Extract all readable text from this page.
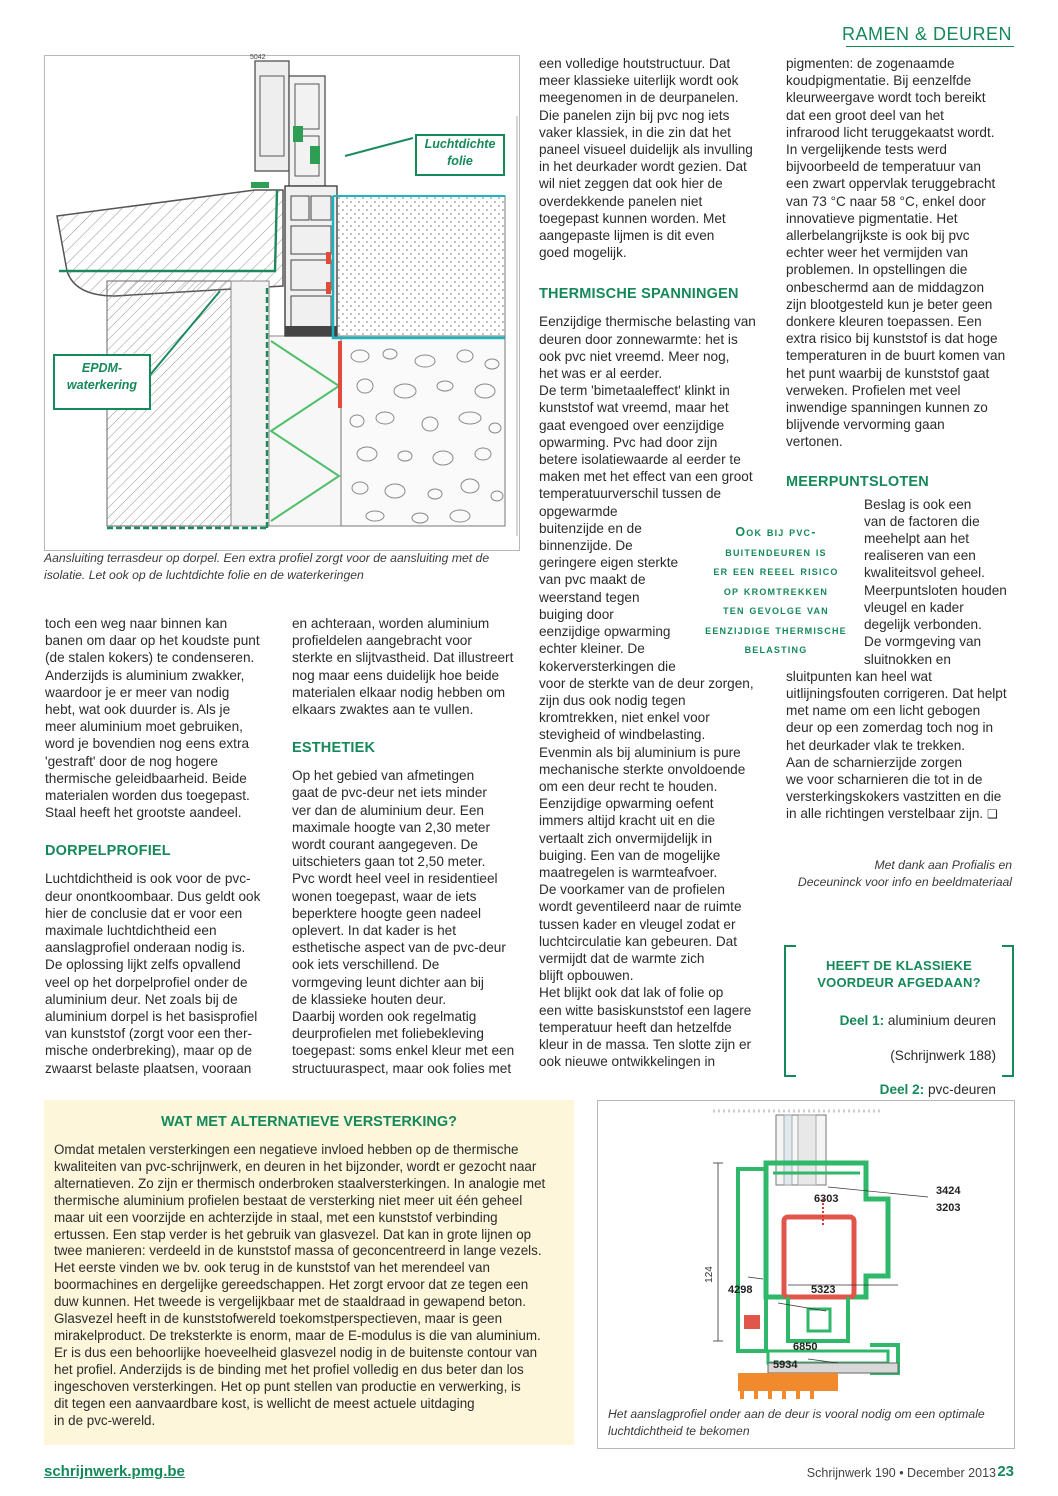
RAMEN & DEUREN
5042
Luchtdichte
folie
EPDM-
waterkering
Aansluiting terrasdeur op dorpel. Een extra profiel zorgt voor de aansluiting met de
isolatie. Let ook op de luchtdichte folie en de waterkeringen

toch een weg naar binnen kan
banen om daar op het koudste punt
(de stalen kokers) te condenseren.
Anderzijds is aluminium zwakker,
waardoor je er meer van nodig
hebt, wat ook duurder is. Als je
meer aluminium moet gebruiken,
word je bovendien nog eens extra
'gestraft' door de nog hogere
thermische geleidbaarheid. Beide
materialen worden dus toegepast.
Staal heeft het grootste aandeel.

DORPELPROFIEL

Luchtdichtheid is ook voor de pvc-
deur onontkoombaar. Dus geldt ook
hier de conclusie dat er voor een
maximale luchtdichtheid een
aanslagprofiel onderaan nodig is.
De oplossing lijkt zelfs opvallend
veel op het dorpelprofiel onder de
aluminium deur. Net zoals bij de
aluminium dorpel is het basisprofiel
van kunststof (zorgt voor een ther-
mische onderbreking), maar op de
zwaarst belaste plaatsen, vooraan

en achteraan, worden aluminium
profieldelen aangebracht voor
sterkte en slijtvastheid. Dat illustreert
nog maar eens duidelijk hoe beide
materialen elkaar nodig hebben om
elkaars zwaktes aan te vullen.

ESTHETIEK

Op het gebied van afmetingen
gaat de pvc-deur net iets minder
ver dan de aluminium deur. Een
maximale hoogte van 2,30 meter
wordt courant aangegeven. De
uitschieters gaan tot 2,50 meter.
Pvc wordt heel veel in residentieel
wonen toegepast, waar de iets
beperktere hoogte geen nadeel
oplevert. In dat kader is het
esthetische aspect van de pvc-deur
ook iets verschillend. De
vormgeving leunt dichter aan bij
de klassieke houten deur.
Daarbij worden ook regelmatig
deurprofielen met foliebekleving
toegepast: soms enkel kleur met een
structuuraspect, maar ook folies met

een volledige houtstructuur. Dat
meer klassieke uiterlijk wordt ook
meegenomen in de deurpanelen.
Die panelen zijn bij pvc nog iets
vaker klassiek, in die zin dat het
paneel visueel duidelijk als invulling
in het deurkader wordt gezien. Dat
wil niet zeggen dat ook hier de
overdekkende panelen niet
toegepast kunnen worden. Met
aangepaste lijmen is dit even
goed mogelijk.

THERMISCHE SPANNINGEN

Eenzijdige thermische belasting van
deuren door zonnewarmte: het is
ook pvc niet vreemd. Meer nog,
het was er al eerder.
De term 'bimetaaleffect' klinkt in
kunststof wat vreemd, maar het
gaat evengoed over eenzijdige
opwarming. Pvc had door zijn
betere isolatiewaarde al eerder te
maken met het effect van een groot
temperatuurverschil tussen de

opgewarmde
buitenzijde en de
binnenzijde. De
geringere eigen sterkte
van pvc maakt de
weerstand tegen
buiging door
eenzijdige opwarming
echter kleiner. De
kokerversterkingen die

voor de sterkte van de deur zorgen,
zijn dus ook nodig tegen
kromtrekken, niet enkel voor
stevigheid of windbelasting.
Evenmin als bij aluminium is pure
mechanische sterkte onvoldoende
om een deur recht te houden.
Eenzijdige opwarming oefent
immers altijd kracht uit en die
vertaalt zich onvermijdelijk in
buiging. Een van de mogelijke
maatregelen is warmteafvoer.
De voorkamer van de profielen
wordt geventileerd naar de ruimte
tussen kader en vleugel zodat er
luchtcirculatie kan gebeuren. Dat
vermijdt dat de warmte zich
blijft opbouwen.
Het blijkt ook dat lak of folie op
een witte basiskunststof een lagere
temperatuur heeft dan hetzelfde
kleur in de massa. Ten slotte zijn er
ook nieuwe ontwikkelingen in

Ook bij pvc-
buitendeuren is
er een reeel risico
op kromtrekken
ten gevolge van
eenzijdige thermische
belasting

pigmenten: de zogenaamde
koudpigmentatie. Bij eenzelfde
kleurweergave wordt toch bereikt
dat een groot deel van het
infrarood licht teruggekaatst wordt.
In vergelijkende tests werd
bijvoorbeeld de temperatuur van
een zwart oppervlak teruggebracht
van 73 °C naar 58 °C, enkel door
innovatieve pigmentatie. Het
allerbelangrijkste is ook bij pvc
echter weer het vermijden van
problemen. In opstellingen die
onbeschermd aan de middagzon
zijn blootgesteld kun je beter geen
donkere kleuren toepassen. Een
extra risico bij kunststof is dat hoge
temperaturen in de buurt komen van
het punt waarbij de kunststof gaat
verweken. Profielen met veel
inwendige spanningen kunnen zo
blijvende vervorming gaan
vertonen.

MEERPUNTSLOTEN

Beslag is ook een
van de factoren die
meehelpt aan het
realiseren van een
kwaliteitsvol geheel.
Meerpuntsloten houden
vleugel en kader
degelijk verbonden.
De vormgeving van
sluitnokken en

sluitpunten kan heel wat
uitlijningsfouten corrigeren. Dat helpt
met name om een licht gebogen
deur op een zomerdag toch nog in
het deurkader vlak te trekken.
Aan de scharnierzijde zorgen
we voor scharnieren die tot in de
versterkingskokers vastzitten en die
in alle richtingen verstelbaar zijn. ❑

Met dank aan Profialis en
Deceuninck voor info en beeldmateriaal
HEEFT DE KLASSIEKE
VOORDEUR AFGEDAAN?

Deel 1: aluminium deuren

(Schrijnwerk 188)

Deel 2: pvc-deuren

WAT MET ALTERNATIEVE VERSTERKING?
Omdat metalen versterkingen een negatieve invloed hebben op de thermische
kwaliteiten van pvc-schrijnwerk, en deuren in het bijzonder, wordt er gezocht naar
alternatieven. Zo zijn er thermisch onderbroken staalversterkingen. In analogie met
thermische aluminium profielen bestaat de versterking niet meer uit één geheel
maar uit een voorzijde en achterzijde in staal, met een kunststof verbinding
ertussen. Een stap verder is het gebruik van glasvezel. Dat kan in grote lijnen op
twee manieren: verdeeld in de kunststof massa of geconcentreerd in lange vezels.
Het eerste vinden we bv. ook terug in de kunststof van het merendeel van
boormachines en dergelijke gereedschappen. Het zorgt ervoor dat ze tegen een
duw kunnen. Het tweede is vergelijkbaar met de staaldraad in gewapend beton.
Glasvezel heeft in de kunststofwereld toekomstperspectieven, maar is geen
mirakelproduct. De treksterkte is enorm, maar de E-modulus is die van aluminium.
Er is dus een behoorlijke hoeveelheid glasvezel nodig in de buitenste contour van
het profiel. Anderzijds is de binding met het profiel volledig en dus beter dan los
ingeschoven versterkingen. Het op punt stellen van productie en verwerking, is
dit tegen een aanvaardbare kost, is wellicht de meest actuele uitdaging
in de pvc-wereld.
6303
3424
3203
5323
4298
124
6850
5934
Het aanslagprofiel onder aan de deur is vooral nodig om een optimale
luchtdichtheid te bekomen
schrijnwerk.pmg.be	Schrijnwerk 190 • December 2013 23
